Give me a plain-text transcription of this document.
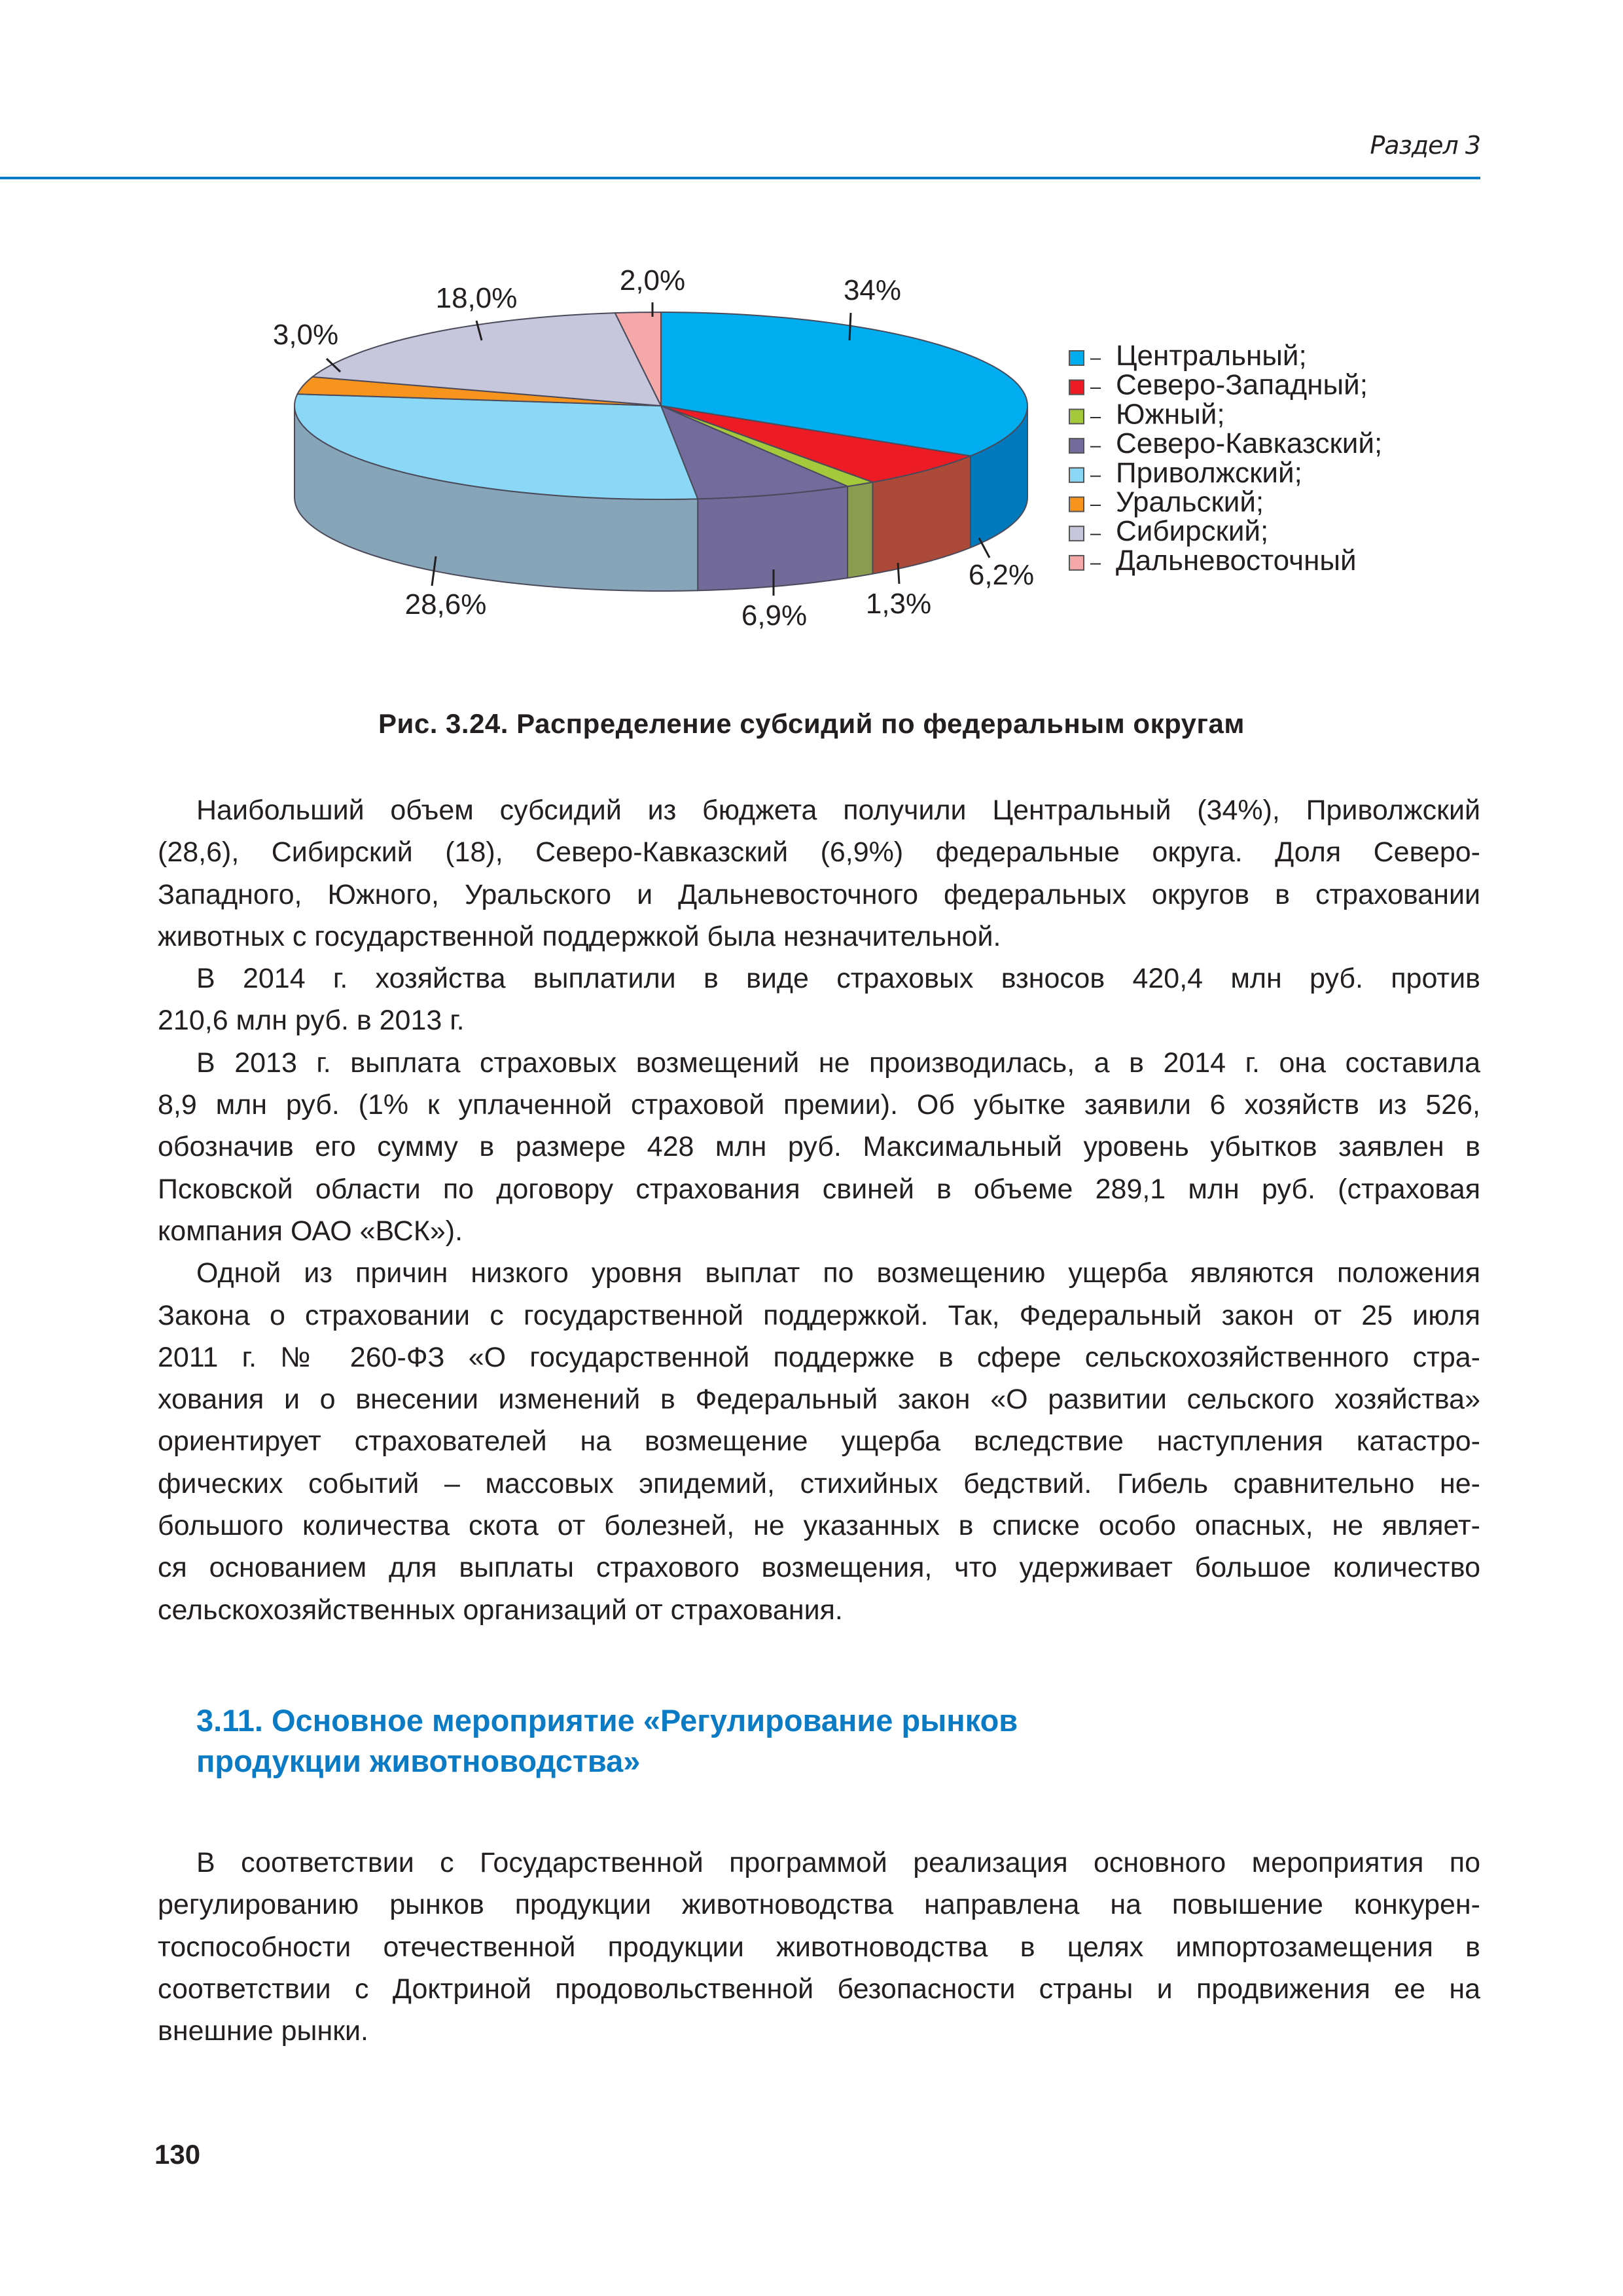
Раздел 3
34%
6,2%
1,3%
6,9%
28,6%
3,0%
18,0%
2,0%
– Центральный;
– Северо-Западный;
– Южный;
– Северо-Кавказский;
– Приволжский;
– Уральский;
– Сибирский;
– Дальневосточный
Рис. 3.24. Распределение субсидий по федеральным округам
Наибольший объем субсидий из бюджета получили Центральный (34%), Приволжский
(28,6), Сибирский (18), Северо-Кавказский (6,9%) федеральные округа. Доля Северо-
Западного, Южного, Уральского и Дальневосточного федеральных округов в страховании
животных с государственной поддержкой была незначительной.
В 2014 г. хозяйства выплатили в виде страховых взносов 420,4 млн руб. против
210,6 млн руб. в 2013 г.
В 2013 г. выплата страховых возмещений не производилась, а в 2014 г. она составила
8,9 млн руб. (1% к уплаченной страховой премии). Об убытке заявили 6 хозяйств из 526,
обозначив его сумму в размере 428 млн руб. Максимальный уровень убытков заявлен в
Псковской области по договору страхования свиней в объеме 289,1 млн руб. (страховая
компания ОАО «ВСК»).
Одной из причин низкого уровня выплат по возмещению ущерба являются положения
Закона о страховании с государственной поддержкой. Так, Федеральный закон от 25 июля
2011 г. № 260-ФЗ «О государственной поддержке в сфере сельскохозяйственного стра-
хования и о внесении изменений в Федеральный закон «О развитии сельского хозяйства»
ориентирует страхователей на возмещение ущерба вследствие наступления катастро-
фических событий – массовых эпидемий, стихийных бедствий. Гибель сравнительно не-
большого количества скота от болезней, не указанных в списке особо опасных, не являет-
ся основанием для выплаты страхового возмещения, что удерживает большое количество
сельскохозяйственных организаций от страхования.
3.11. Основное мероприятие «Регулирование рынков
продукции животноводства»
В соответствии с Государственной программой реализация основного мероприятия по
регулированию рынков продукции животноводства направлена на повышение конкурен-
тоспособности отечественной продукции животноводства в целях импортозамещения в
соответствии с Доктриной продовольственной безопасности страны и продвижения ее на
внешние рынки.
130
